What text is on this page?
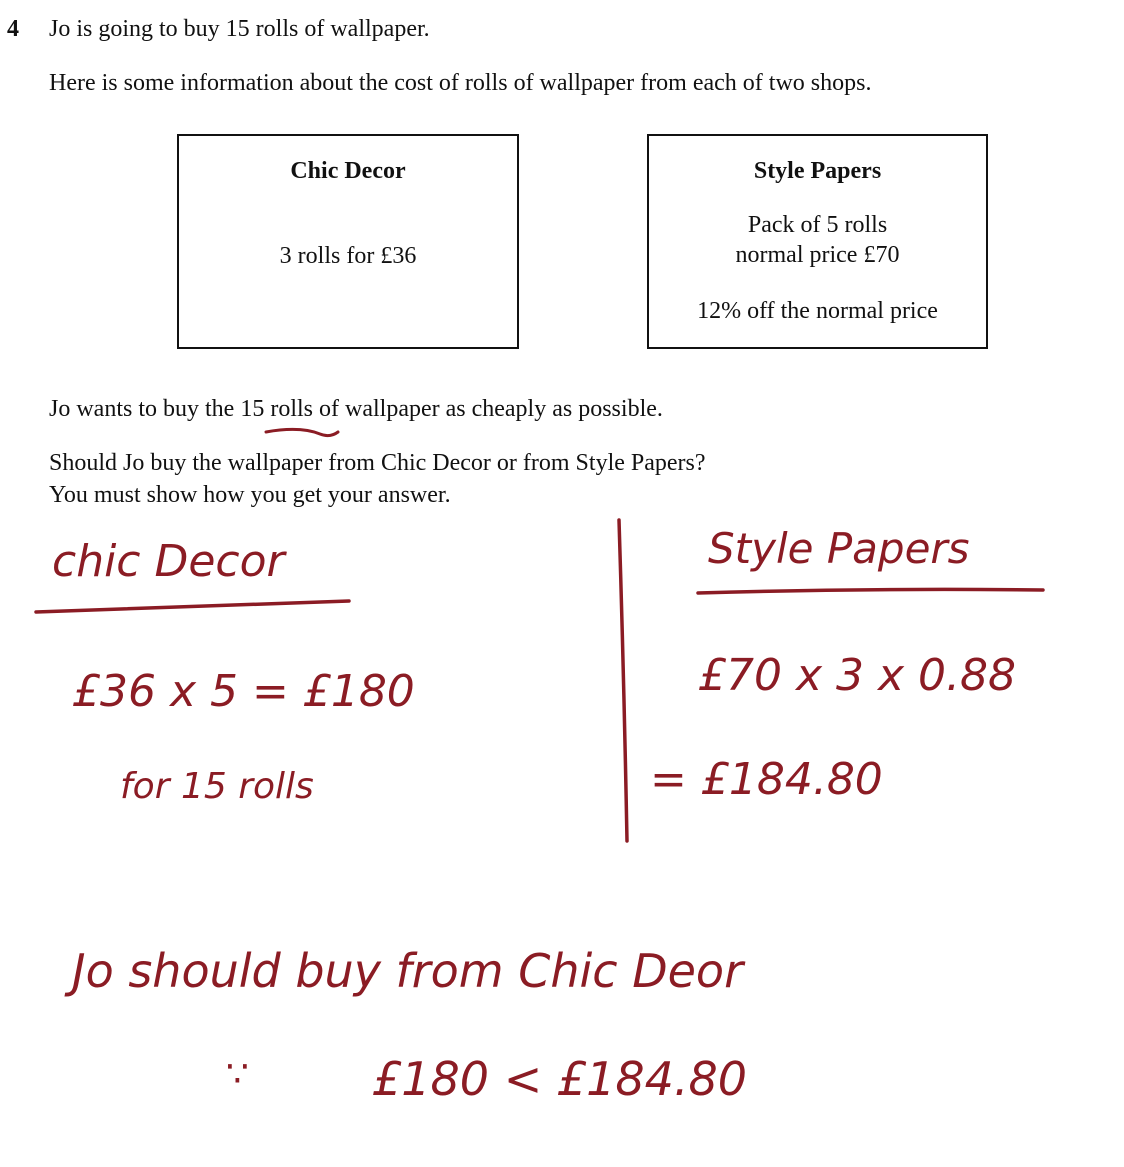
4 Jo is going to buy 15 rolls of wallpaper.
Here is some information about the cost of rolls of wallpaper from each of two shops.
Chic Decor
3 rolls for £36
Style Papers
Pack of 5 rolls
normal price £70
12% off the normal price
Jo wants to buy the 15 rolls of wallpaper as cheaply as possible.
Should Jo buy the wallpaper from Chic Decor or from Style Papers?
You must show how you get your answer.
chic Decor	Style Papers
£36 x 5 = £180
for 15 rolls
£70 x 3 x 0.88
= £184.80
Jo should buy from Chic Deor
∵	£180 < £184.80
